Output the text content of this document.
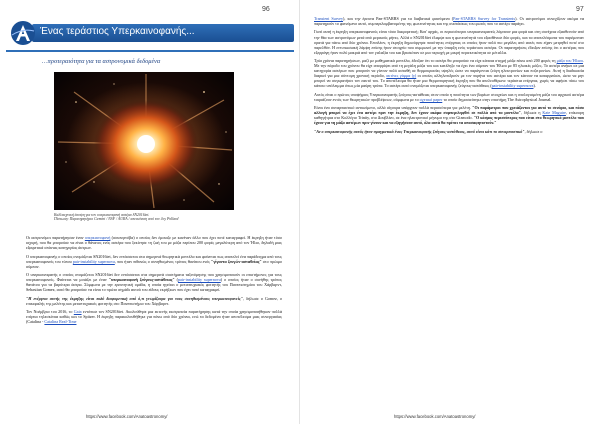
96
Ένας τεράστιος Υπερκαινοφανής...
…προτεραιότητα για τα αστρονομικά δεδομένα
Καλλιτεχνική άποψη για τον υπερκαινοφανή αστέρα SN2016iet.
Πίστωση: Παρατηρητήριο Gemini / NSF / AURA / απεικόνιση από τον Joy Pollard

Οι αστρονόμοι παρατήρησαν έναν υπερκαινοφανή (σουπερνόβα) ο οποίος δεν έμοιαζε με κανέναν άλλο που έχει ποτέ καταγραφεί. Η έκρηξη ήταν τόσο ισχυρή, που θα μπορούσε να είναι ο θάνατος ενός αστέρα που ξεκίνησε τη ζωή του με μάζα περίπου 200 φορές μεγαλύτερη από τον Ήλιο, δηλαδή μιας εξαιρετικά σπάνιας κατηγορίας άστρων.

Ο υπερκαινοφανής ο οποίος ονομάζεται SN2016iet, δεν εντάσσεται στα σημερινά θεωρητικά μοντέλα και φαίνεται πως αποτελεί ένα παράδειγμα από τους υπερκαινοφανείς του τύπου pair-instability supernova, που ήταν πιθανώς ο συνηθισμένος τρόπος θανάτου ενός "γίγαντα ζευγών-ασταθείας" στο πρώιμο σύμπαν.

Ο υπερκαινοφανής ο οποίος ονομάζεται SN2016iet δεν εντάσσεται στα σημερινά συστήματα ταξινόμησης που χρησιμοποιούν οι επιστήμονες για τους υπερκαινοφανείς. Φαίνεται να μοιάζει με έναν "υπερκαινοφανή ζεύγους-αστάθειας" (pair-instability supernova) ο οποίος ήταν ο συνήθης τρόπος θανάτου για τα βαρύτερα άστρα. Σύμφωνα με την ερευνητική ομάδα, η οποία ηγείται ο μεταπτυχιακός φοιτητής του Πανεπιστημίου του Χάρβαρντ, Sebastian Gomez, αυτό θα μπορούσε να είναι το πρώτο σημάδι αυτού του είδους εκρήξεων που έχει ποτέ καταγραφεί.

"Η ενέργεια αυτής της έκρηξης είναι πολύ διαφορετική από ό,τι γνωρίζουμε για τους συνηθισμένους υπερκαινοφανείς", δήλωσε ο Gomez, ο επικεφαλής της μελέτης και μεταπτυχιακός φοιτητής στο Πανεπιστήμιο του Χάρβαρντ.

Τον Νοέμβριο του 2016, το Gaia εντόπισε τον SN2016iet. Ακολούθησε μια εκτενής εκστρατεία παρατήρησης κατά την οποία χρησιμοποιήθηκαν πολλά επίγεια τηλεσκόπια καθώς και το Spitzer. Η έκρηξη παρακολουθήθηκε για πάνω από δύο χρόνια, ενώ τα δεδομένα ήταν αποτέλεσμα μιας συνεργασίας (Catalina - Catalina Real-Time

https://www.facebook.com/Anatoastronomy/
97

Transient Survey), και την έρευνα Pan-STARRS για τα διαβατικά φαινόμενα (Pan-STARRS Survey for Transients). Οι αστρονόμοι συνεχίζουν ακόμα να παρατηρούν το φαινόμενο αυτό, συμπεριλαμβανομένης της φωτεινότητας και της συστάσεως του φωτός που το αστέρι παράγει.

Γιατί αυτή η έκρηξη υπερκαινοφανούς είναι τόσο διαφορετική; Κατ' αρχάς, οι περισσότεροι υπερκαινοφανείς λάμπουν μια φορά και στη συνέχεια εξασθενούν από την θέα των αστρονόμων μετά από μερικούς μήνες. Αλλά ο SN2016iet έλαμψε και η φωτεινότητά του εξασθένισε δύο φορές, και τα αποτελέσματα του παρέμειναν ορατά για πάνω από δύο χρόνια. Επιπλέον, η έκρηξη δημιούργησε ποσότητες ενέργειας οι οποίες ήταν πολύ πιο μεγάλες από αυτές που είχαν μετρηθεί ποτέ στο παρελθόν. Η εντυπωσιακή λάμψη επίσης ήταν στοιχείο που συμφωνεί με την ύπαρξη ενός τεράστιου αστέρα. Οι παρατηρήσεις έδειξαν επίσης ότι ο αστέρας που εξερράγη ήταν πολύ μακριά από τον γαλαξία του και βρισκόταν σε μια περιοχή με μικρή περιεκτικότητα σε μέταλλα.

Τρία χρόνια παρατηρήσεων, μαζί με μαθηματικά μοντέλα, έδειξαν ότι το αστέρι θα μπορούσε να είχε κάποια στιγμή μάζα πάνω από 200 φορές τη μάζα του Ήλιου. Με την πάροδο του χρόνου θα είχε απορρίψει από τη μεγάλη μάζα του και κατέληξε να έχει ένα σύμπαν του Ήλιου με 85 ηλιακές μάζες. Το αστέρι ανήκει σε μια κατηγορία αστέρων που μπορούν να γίνουν πολύ ασταθή σε θερμοκρασίες υψηλές ώστε να παράγονται ζεύγη ηλεκτρονίων και ποζιτρονίων. Αυτή η διαδικασία διαρκεί για μια σύντομη χρονική περίοδο, ακτίνες γάμμα (γ) οι οποίες αλληλεπιδρούν με τον πυρήνα του αστέρα και τον κάνουν να καταρρεύσει, ώστε να μην μπορεί να συγκρατήσει τον εαυτό του. Το αποτέλεσμα θα ήταν μια θερμοπυρηνική έκρηξη που θα απελευθέρωνε τεράστια ενέργεια, χωρίς να αφήσει πίσω του κάποιο υπόλειμμα όπως μία μαύρη τρύπα. Το αστέρι αυτό ονομάζεται υπερκαινοφανής ζεύγους-αστάθειας (pair-instability supernova).

Αυτός είναι ο πρώτος υποψήφιος Υπερκαινοφανής ζεύγους-αστάθειας στον οποίο η ποσότητα των βαρέων στοιχείων και η υπολογισμένη μάζα του αρχικού αστέρα ταιριάζουν εντός των θεωρητικών προβλέψεων, σύμφωνα με το σχετικό paper το οποίο δημοσιεύτηκε στην επιστήμη The Astrophysical Journal.

Είναι ένα συναρπαστικό αντικείμενο, αλλά σίγουρα υπάρχουν πολλά περισσότερα για μελέτη. "Οι παράμετροι που χρειάζονται για αυτό το σενάριο, και πόσο αλλαγή μπορεί να έχει ένα αστέρι πριν την έκρηξη, δεν έχουν ακόμα συμπεριληφθεί σε πολλά από τα μοντέλα", δήλωσε η Kate Maguire, επίκουρη καθηγήτρια στο Κολλέγιο Trinity, στο Δουβλίνο, σε ένα ηλεκτρονικό μήνυμα της στο Gizmodo. "Ο κόσμος περισσότερος που είναι στο θεωρητικό μοντέλο που έχουν για τη μάζα αστέρων πριν γίνουν και να εξηγήσουν αυτό, όλα αυτά θα πρέπει να αποσαφηνιστούν."

"Αν ο υπερκαινοφανής αυτός ήταν πραγματικά ένας Υπερκαινοφανής ζεύγους-αστάθειας, αυτό είναι κάτι το συναρπαστικό", δήλωσε ο

https://www.facebook.com/Anatoastronomy/
